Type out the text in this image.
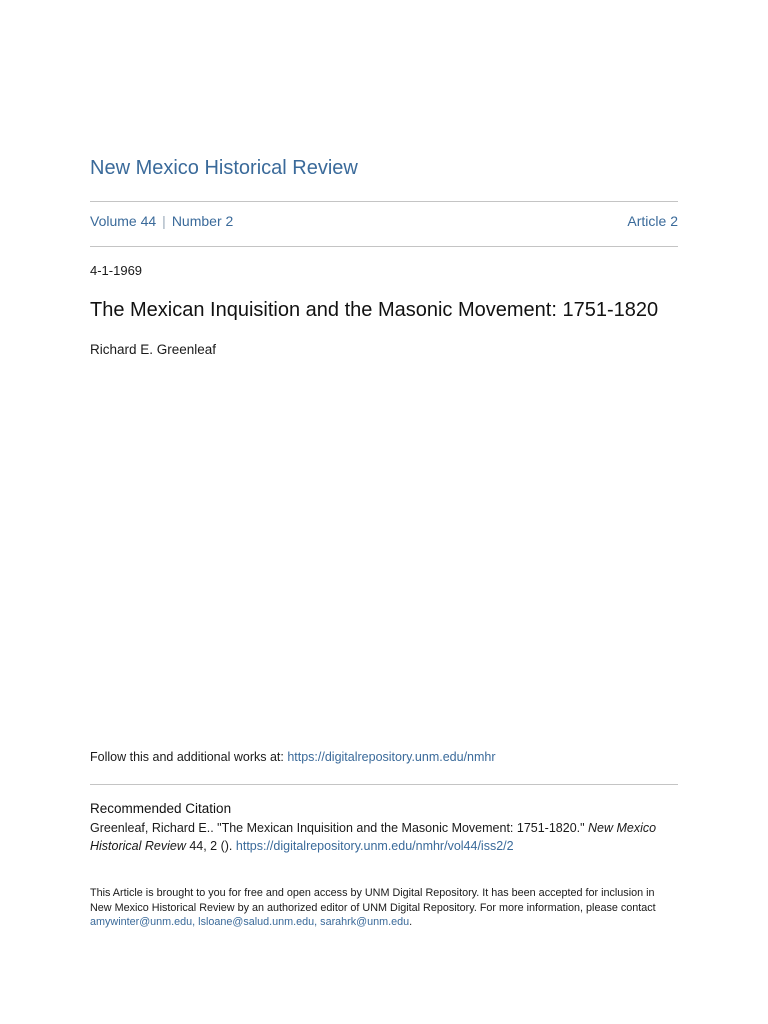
New Mexico Historical Review
Volume 44 | Number 2	Article 2
4-1-1969
The Mexican Inquisition and the Masonic Movement: 1751-1820
Richard E. Greenleaf
Follow this and additional works at: https://digitalrepository.unm.edu/nmhr
Recommended Citation
Greenleaf, Richard E.. "The Mexican Inquisition and the Masonic Movement: 1751-1820." New Mexico Historical Review 44, 2 (). https://digitalrepository.unm.edu/nmhr/vol44/iss2/2
This Article is brought to you for free and open access by UNM Digital Repository. It has been accepted for inclusion in New Mexico Historical Review by an authorized editor of UNM Digital Repository. For more information, please contact amywinter@unm.edu, lsloane@salud.unm.edu, sarahrk@unm.edu.
